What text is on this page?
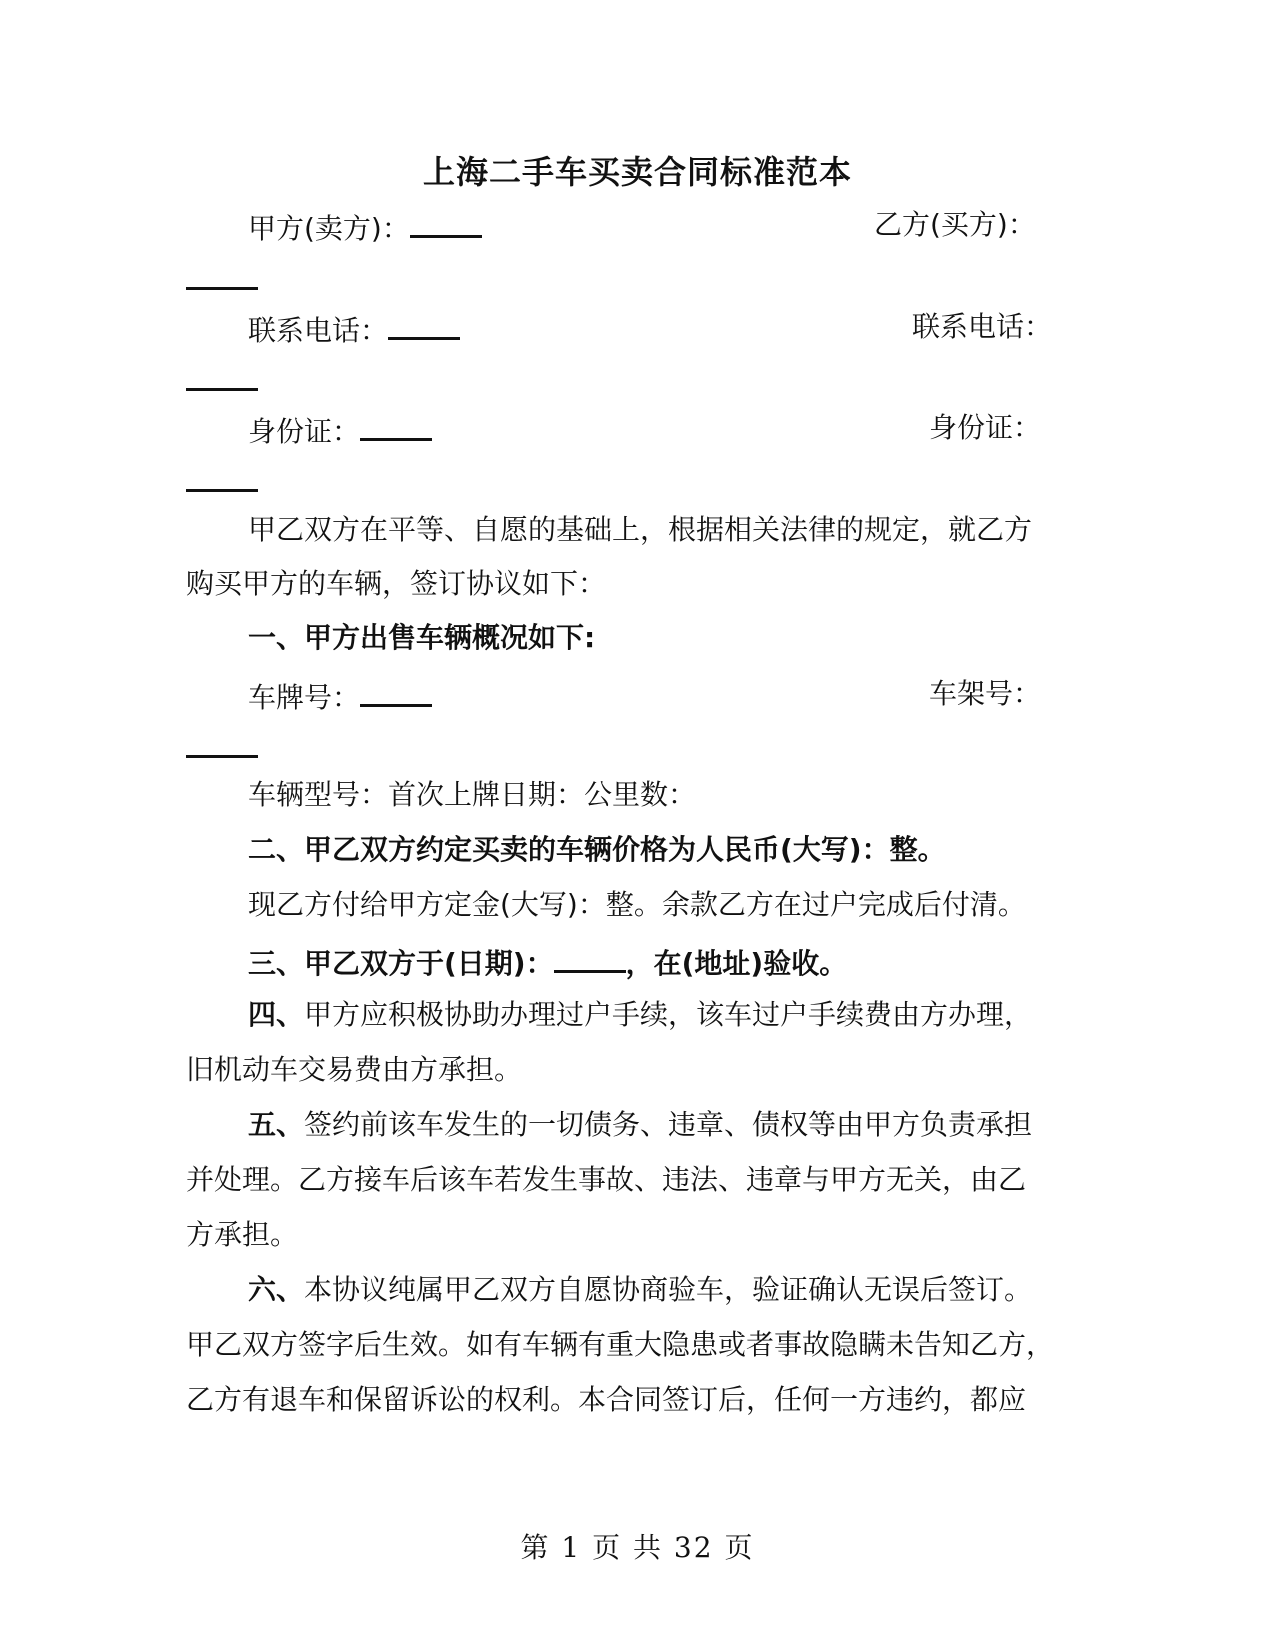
上海二手车买卖合同标准范本
甲方(卖方)：	乙方(买方)：
联系电话：	联系电话：
身份证：	身份证：
甲乙双方在平等、自愿的基础上，根据相关法律的规定，就乙方
购买甲方的车辆，签订协议如下：
一、甲方出售车辆概况如下:
车牌号：	车架号：
车辆型号：首次上牌日期：公里数：
二、甲乙双方约定买卖的车辆价格为人民币(大写)：整。
现乙方付给甲方定金(大写)：整。余款乙方在过户完成后付清。
三、甲乙双方于(日期)：	，在(地址)验收。
四、甲方应积极协助办理过户手续，该车过户手续费由方办理，
旧机动车交易费由方承担。
五、签约前该车发生的一切债务、违章、债权等由甲方负责承担
并处理。乙方接车后该车若发生事故、违法、违章与甲方无关，由乙
方承担。
六、本协议纯属甲乙双方自愿协商验车，验证确认无误后签订。
甲乙双方签字后生效。如有车辆有重大隐患或者事故隐瞒未告知乙方，
乙方有退车和保留诉讼的权利。本合同签订后，任何一方违约，都应
第 1 页 共 32 页
